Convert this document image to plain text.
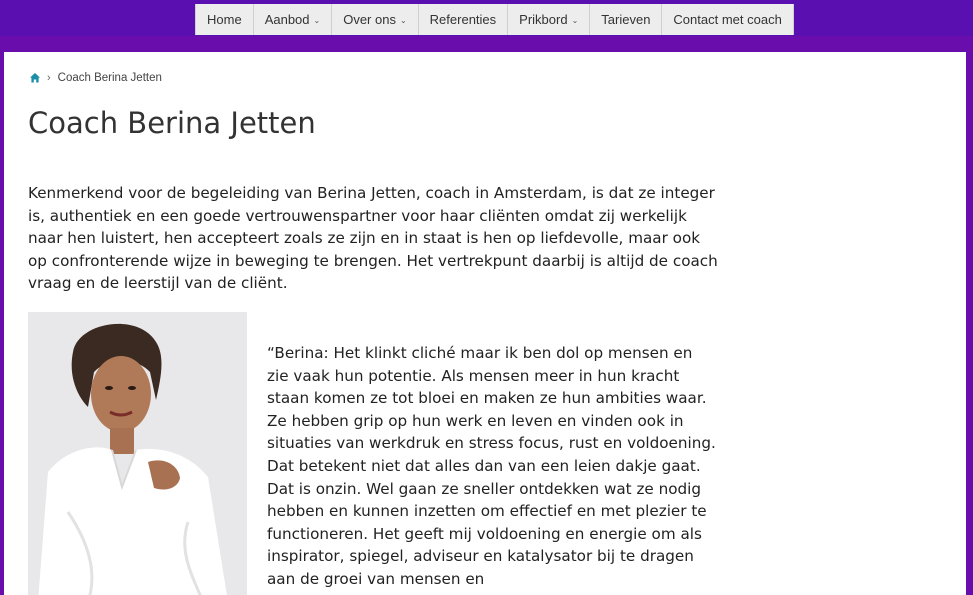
Home Aanbod ⌄ Over ons ⌄ Referenties Prikbord ⌄ Tarieven Contact met coach
› Coach Berina Jetten
Coach Berina Jetten

Kenmerkend voor de begeleiding van Berina Jetten, coach in Amsterdam, is dat ze integer is, authentiek en een goede vertrouwenspartner voor haar cliënten omdat zij werkelijk naar hen luistert, hen accepteert zoals ze zijn en in staat is hen op liefdevolle, maar ook op confronterende wijze in beweging te brengen. Het vertrekpunt daarbij is altijd de coach vraag en de leerstijl van de cliënt.

“Berina: Het klinkt cliché maar ik ben dol op mensen en zie vaak hun potentie. Als mensen meer in hun kracht staan komen ze tot bloei en maken ze hun ambities waar. Ze hebben grip op hun werk en leven en vinden ook in situaties van werkdruk en stress focus, rust en voldoening. Dat betekent niet dat alles dan van een leien dakje gaat. Dat is onzin. Wel gaan ze sneller ontdekken wat ze nodig hebben en kunnen inzetten om effectief en met plezier te functioneren. Het geeft mij voldoening en energie om als inspirator, spiegel, adviseur en katalysator bij te dragen aan de groei van mensen en
